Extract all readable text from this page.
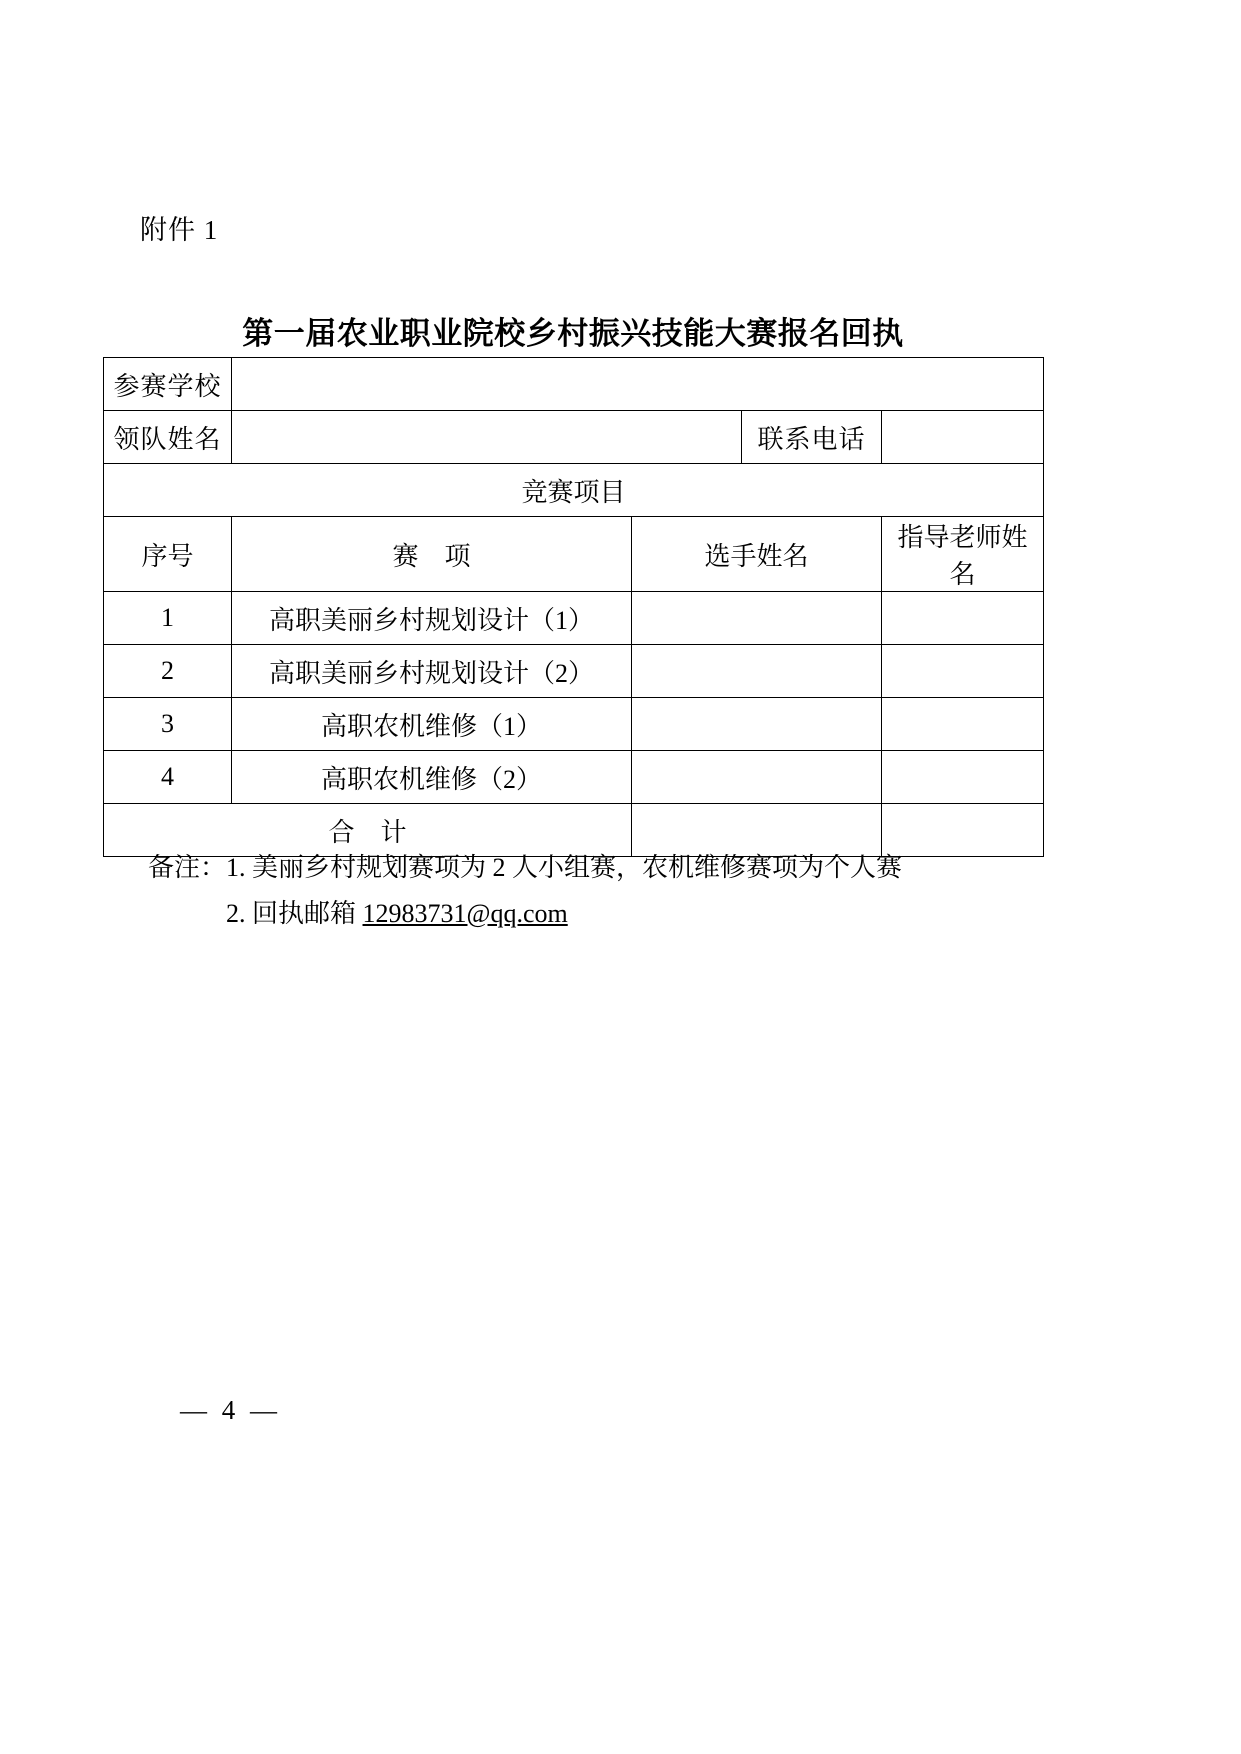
附件 1
第一届农业职业院校乡村振兴技能大赛报名回执
参赛学校				
领队姓名			联系电话	
竞赛项目				
序号	赛　项	选手姓名		指导老师姓名
1	高职美丽乡村规划设计（1）			
2	高职美丽乡村规划设计（2）			
3	高职农机维修（1）			
4	高职农机维修（2）			
合　计				
备注：1. 美丽乡村规划赛项为 2 人小组赛，农机维修赛项为个人赛
2. 回执邮箱 12983731@qq.com
— 4 —
